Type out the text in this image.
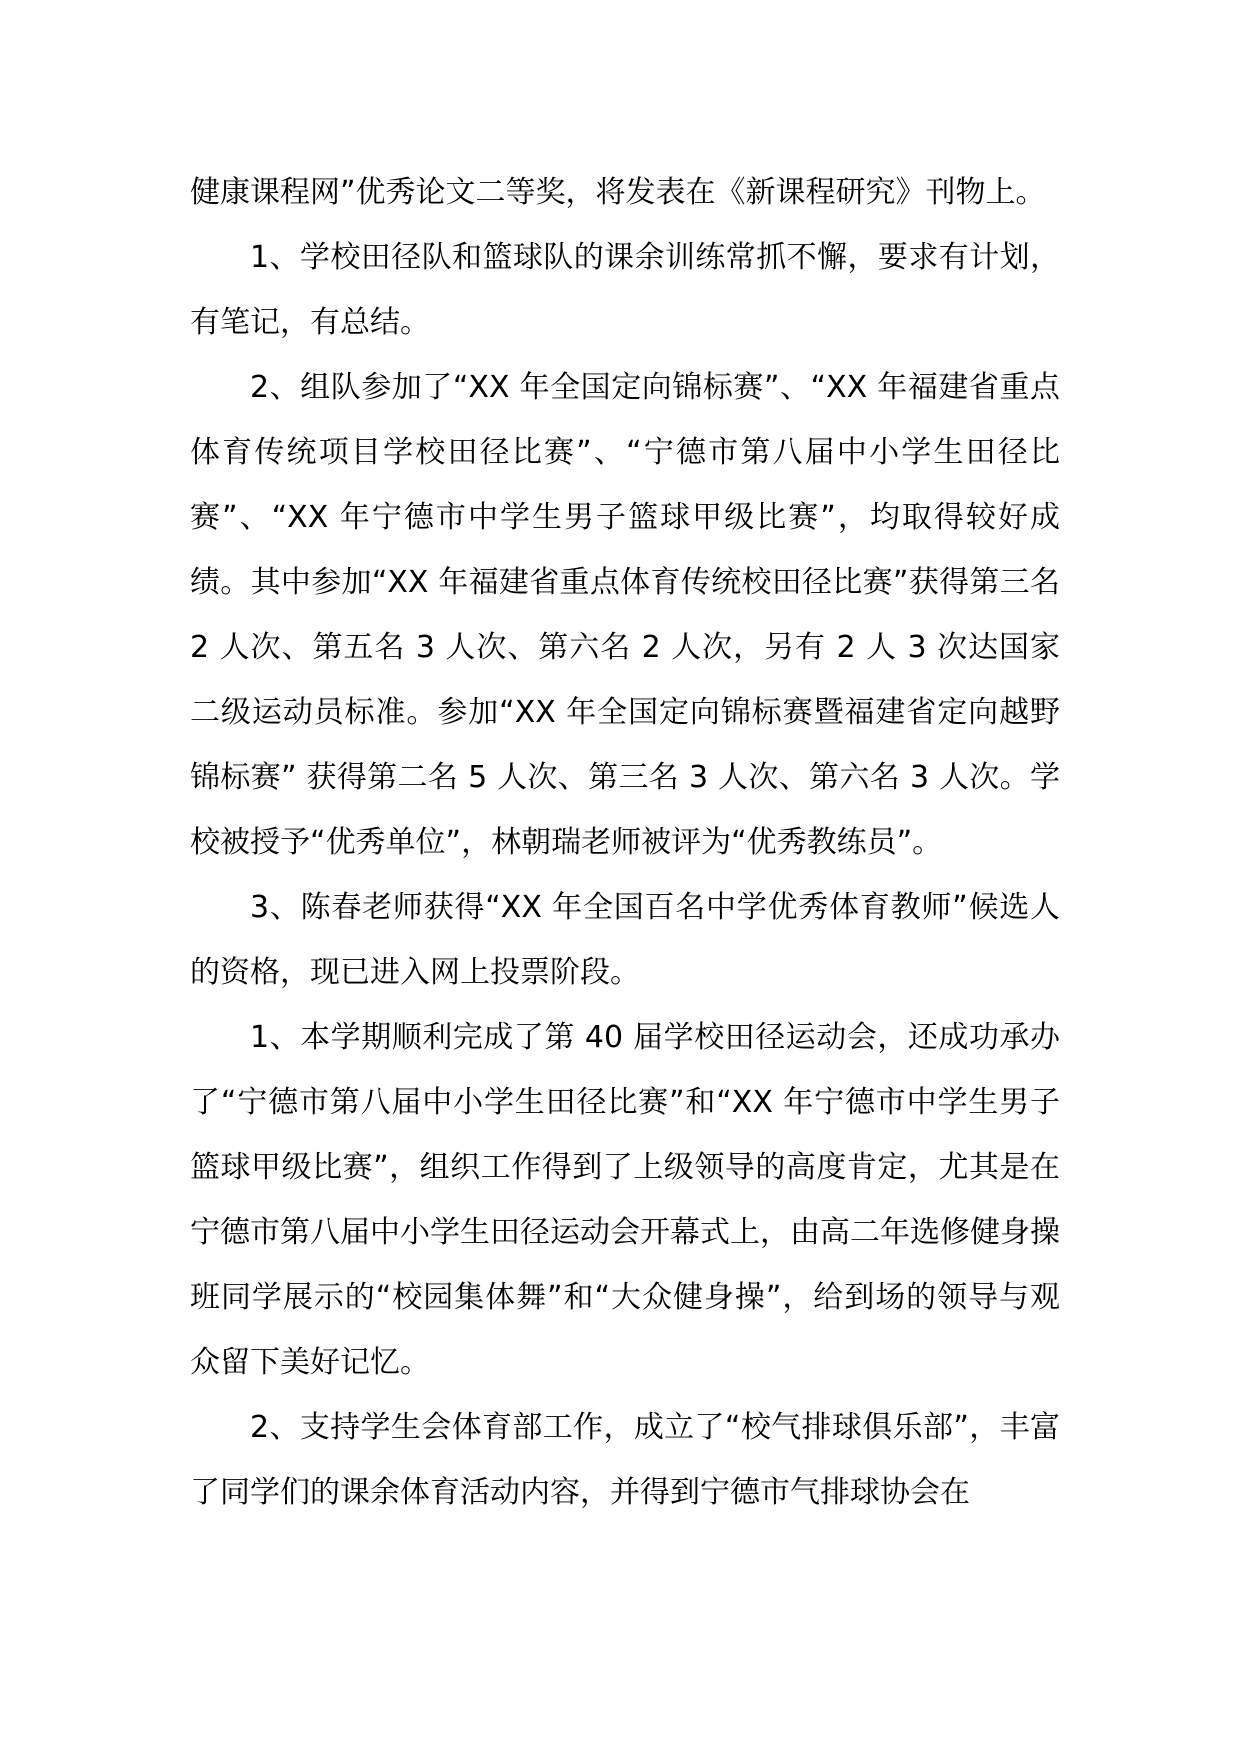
健康课程网”优秀论文二等奖，将发表在《新课程研究》刊物上。

1、学校田径队和篮球队的课余训练常抓不懈，要求有计划，有笔记，有总结。

2、组队参加了“XX 年全国定向锦标赛”、“XX 年福建省重点体育传统项目学校田径比赛”、“宁德市第八届中小学生田径比赛”、“XX 年宁德市中学生男子篮球甲级比赛”，均取得较好成绩。其中参加“XX 年福建省重点体育传统校田径比赛”获得第三名 2 人次、第五名 3 人次、第六名 2 人次，另有 2 人 3 次达国家二级运动员标准。参加“XX 年全国定向锦标赛暨福建省定向越野锦标赛” 获得第二名 5 人次、第三名 3 人次、第六名 3 人次。学校被授予“优秀单位”，林朝瑞老师被评为“优秀教练员”。

3、陈春老师获得“XX 年全国百名中学优秀体育教师”候选人的资格，现已进入网上投票阶段。

1、本学期顺利完成了第 40 届学校田径运动会，还成功承办了“宁德市第八届中小学生田径比赛”和“XX 年宁德市中学生男子篮球甲级比赛”，组织工作得到了上级领导的高度肯定，尤其是在宁德市第八届中小学生田径运动会开幕式上，由高二年选修健身操班同学展示的“校园集体舞”和“大众健身操”，给到场的领导与观众留下美好记忆。

2、支持学生会体育部工作，成立了“校气排球俱乐部”，丰富了同学们的课余体育活动内容，并得到宁德市气排球协会在
